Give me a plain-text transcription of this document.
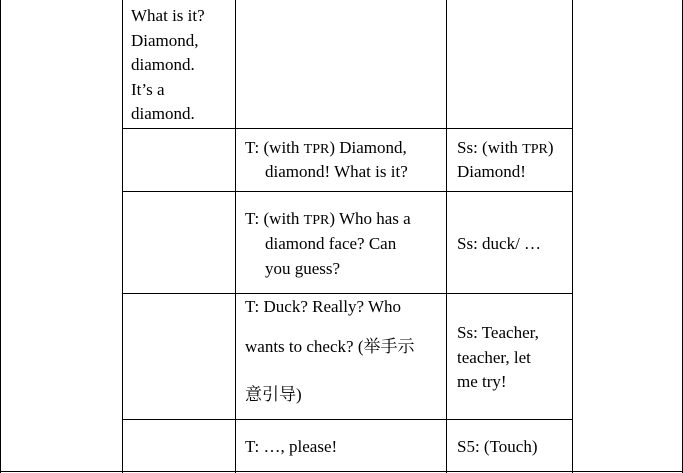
What is it?
Diamond,
diamond.
It’s a
diamond.
T: (with TPR) Diamond,
diamond! What is it?
Ss: (with TPR)
Diamond!
T: (with TPR) Who has a
diamond face? Can
you guess?
Ss: duck/ …
T: Duck? Really? Who
wants to check? (举手示
意引导)
Ss: Teacher,
teacher, let
me try!
T: …, please!	S5: (Touch)
